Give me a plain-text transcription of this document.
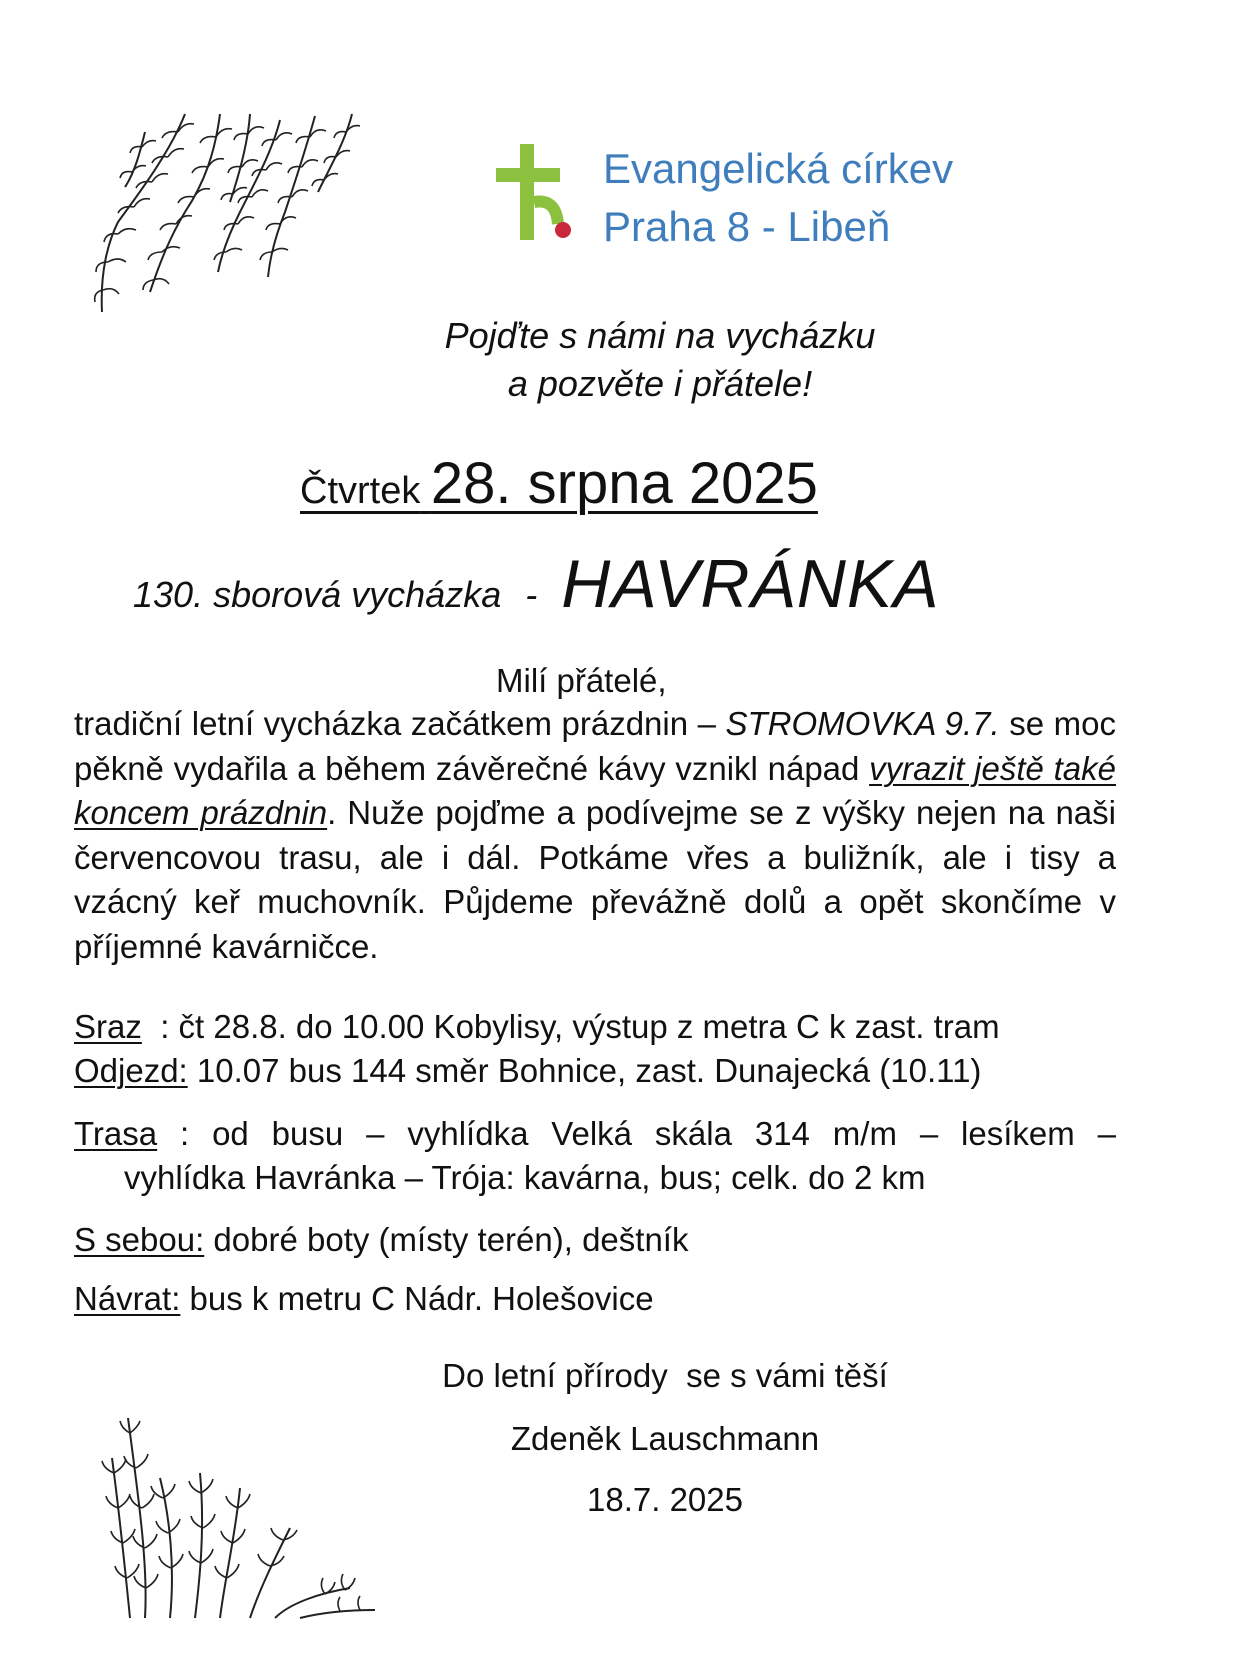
Evangelická církev
Praha 8 - Libeň
Pojďte s námi na vycházku
a pozvěte i přátele!
Čtvrtek 28. srpna 2025
130. sborová vycházka - HAVRÁNKA
Milí přátelé,
tradiční letní vycházka začátkem prázdnin – STROMOVKA 9.7. se moc pěkně vydařila a během závěrečné kávy vznikl nápad vyrazit ještě také koncem prázdnin. Nuže pojďme a podívejme se z výšky nejen na naši červencovou trasu, ale i dál. Potkáme vřes a buližník, ale i tisy a vzácný keř muchovník. Půjdeme převážně dolů a opět skončíme v příjemné kavárničce.
Sraz  : čt 28.8. do 10.00 Kobylisy, výstup z metra C k zast. tram
Odjezd: 10.07 bus 144 směr Bohnice, zast. Dunajecká (10.11)
Trasa : od busu – vyhlídka Velká skála 314 m/m – lesíkem –
vyhlídka Havránka – Trója: kavárna, bus; celk. do 2 km
S sebou: dobré boty (místy terén), deštník
Návrat: bus k metru C Nádr. Holešovice
Do letní přírody  se s vámi těší
Zdeněk Lauschmann
18.7. 2025
